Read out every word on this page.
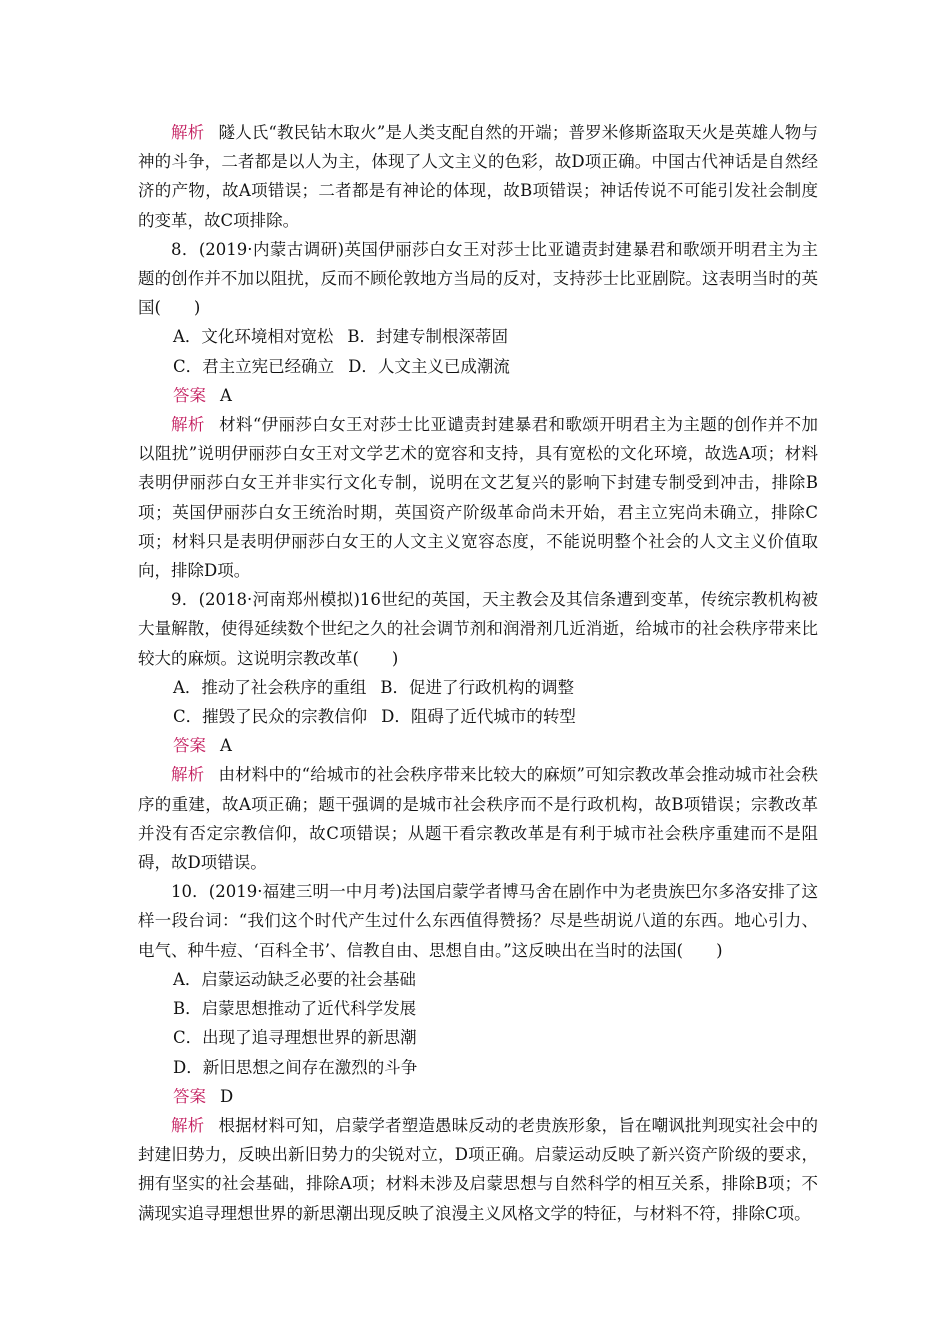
解析 隧人氏“教民钻木取火”是人类支配自然的开端；普罗米修斯盗取天火是英雄人物与神的斗争，二者都是以人为主，体现了人文主义的色彩，故D项正确。中国古代神话是自然经济的产物，故A项错误；二者都是有神论的体现，故B项错误；神话传说不可能引发社会制度的变革，故C项排除。

8．(2019·内蒙古调研)英国伊丽莎白女王对莎士比亚谴责封建暴君和歌颂开明君主为主题的创作并不加以阻扰，反而不顾伦敦地方当局的反对，支持莎士比亚剧院。这表明当时的英国(　　)

A．文化环境相对宽松 B．封建专制根深蒂固

C．君主立宪已经确立 D．人文主义已成潮流

答案 A

解析 材料“伊丽莎白女王对莎士比亚谴责封建暴君和歌颂开明君主为主题的创作并不加以阻扰”说明伊丽莎白女王对文学艺术的宽容和支持，具有宽松的文化环境，故选A项；材料表明伊丽莎白女王并非实行文化专制，说明在文艺复兴的影响下封建专制受到冲击，排除B项；英国伊丽莎白女王统治时期，英国资产阶级革命尚未开始，君主立宪尚未确立，排除C项；材料只是表明伊丽莎白女王的人文主义宽容态度，不能说明整个社会的人文主义价值取向，排除D项。

9．(2018·河南郑州模拟)16世纪的英国，天主教会及其信条遭到变革，传统宗教机构被大量解散，使得延续数个世纪之久的社会调节剂和润滑剂几近消逝，给城市的社会秩序带来比较大的麻烦。这说明宗教改革(　　)

A．推动了社会秩序的重组 B．促进了行政机构的调整

C．摧毁了民众的宗教信仰 D．阻碍了近代城市的转型

答案 A

解析 由材料中的“给城市的社会秩序带来比较大的麻烦”可知宗教改革会推动城市社会秩序的重建，故A项正确；题干强调的是城市社会秩序而不是行政机构，故B项错误；宗教改革并没有否定宗教信仰，故C项错误；从题干看宗教改革是有利于城市社会秩序重建而不是阻碍，故D项错误。

10．(2019·福建三明一中月考)法国启蒙学者博马舍在剧作中为老贵族巴尔多洛安排了这样一段台词：“我们这个时代产生过什么东西值得赞扬？尽是些胡说八道的东西。地心引力、电气、种牛痘、‘百科全书’、信教自由、思想自由。”这反映出在当时的法国(　　)

A．启蒙运动缺乏必要的社会基础

B．启蒙思想推动了近代科学发展

C．出现了追寻理想世界的新思潮

D．新旧思想之间存在激烈的斗争

答案 D

解析 根据材料可知，启蒙学者塑造愚昧反动的老贵族形象，旨在嘲讽批判现实社会中的封建旧势力，反映出新旧势力的尖锐对立，D项正确。启蒙运动反映了新兴资产阶级的要求，拥有坚实的社会基础，排除A项；材料未涉及启蒙思想与自然科学的相互关系，排除B项；不满现实追寻理想世界的新思潮出现反映了浪漫主义风格文学的特征，与材料不符，排除C项。
